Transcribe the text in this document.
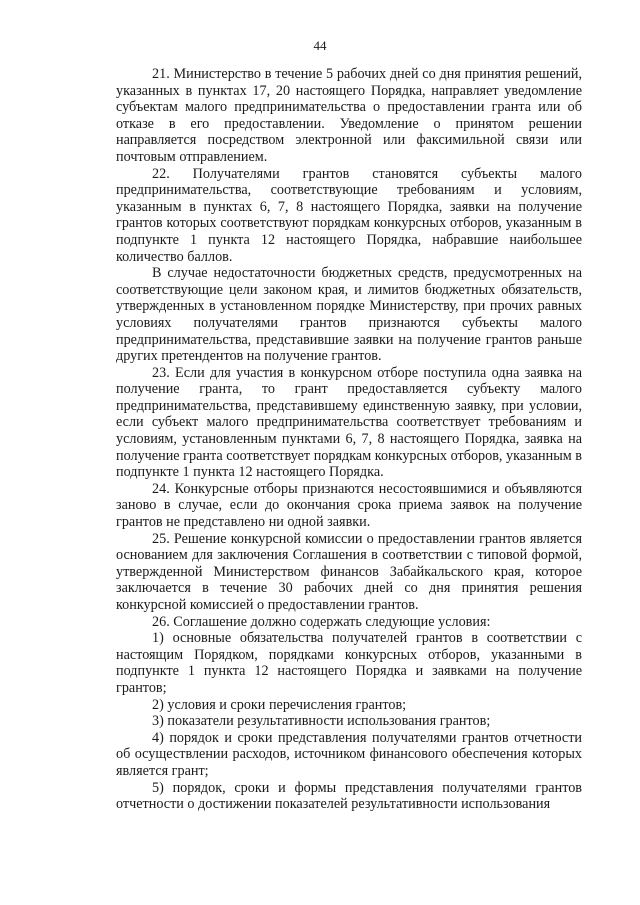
44

21. Министерство в течение 5 рабочих дней со дня принятия решений, указанных в пунктах 17, 20 настоящего Порядка, направляет уведомление субъектам малого предпринимательства о предоставлении гранта или об отказе в его предоставлении. Уведомление о принятом решении направляется посредством электронной или факсимильной связи или почтовым отправлением.

22. Получателями грантов становятся субъекты малого предпринимательства, соответствующие требованиям и условиям, указанным в пунктах 6, 7, 8 настоящего Порядка, заявки на получение грантов которых соответствуют порядкам конкурсных отборов, указанным в подпункте 1 пункта 12 настоящего Порядка, набравшие наибольшее количество баллов.

В случае недостаточности бюджетных средств, предусмотренных на соответствующие цели законом края, и лимитов бюджетных обязательств, утвержденных в установленном порядке Министерству, при прочих равных условиях получателями грантов признаются субъекты малого предпринимательства, представившие заявки на получение грантов раньше других претендентов на получение грантов.

23. Если для участия в конкурсном отборе поступила одна заявка на получение гранта, то грант предоставляется субъекту малого предпринимательства, представившему единственную заявку, при условии, если субъект малого предпринимательства соответствует требованиям и условиям, установленным пунктами 6, 7, 8 настоящего Порядка, заявка на получение гранта соответствует порядкам конкурсных отборов, указанным в подпункте 1 пункта 12 настоящего Порядка.

24. Конкурсные отборы признаются несостоявшимися и объявляются заново в случае, если до окончания срока приема заявок на получение грантов не представлено ни одной заявки.

25. Решение конкурсной комиссии о предоставлении грантов является основанием для заключения Соглашения в соответствии с типовой формой, утвержденной Министерством финансов Забайкальского края, которое заключается в течение 30 рабочих дней со дня принятия решения конкурсной комиссией о предоставлении грантов.

26. Соглашение должно содержать следующие условия:

1) основные обязательства получателей грантов в соответствии с настоящим Порядком, порядками конкурсных отборов, указанными в подпункте 1 пункта 12 настоящего Порядка и заявками на получение грантов;

2) условия и сроки перечисления грантов;

3) показатели результативности использования грантов;

4) порядок и сроки представления получателями грантов отчетности об осуществлении расходов, источником финансового обеспечения которых является грант;

5) порядок, сроки и формы представления получателями грантов отчетности о достижении показателей результативности использования
